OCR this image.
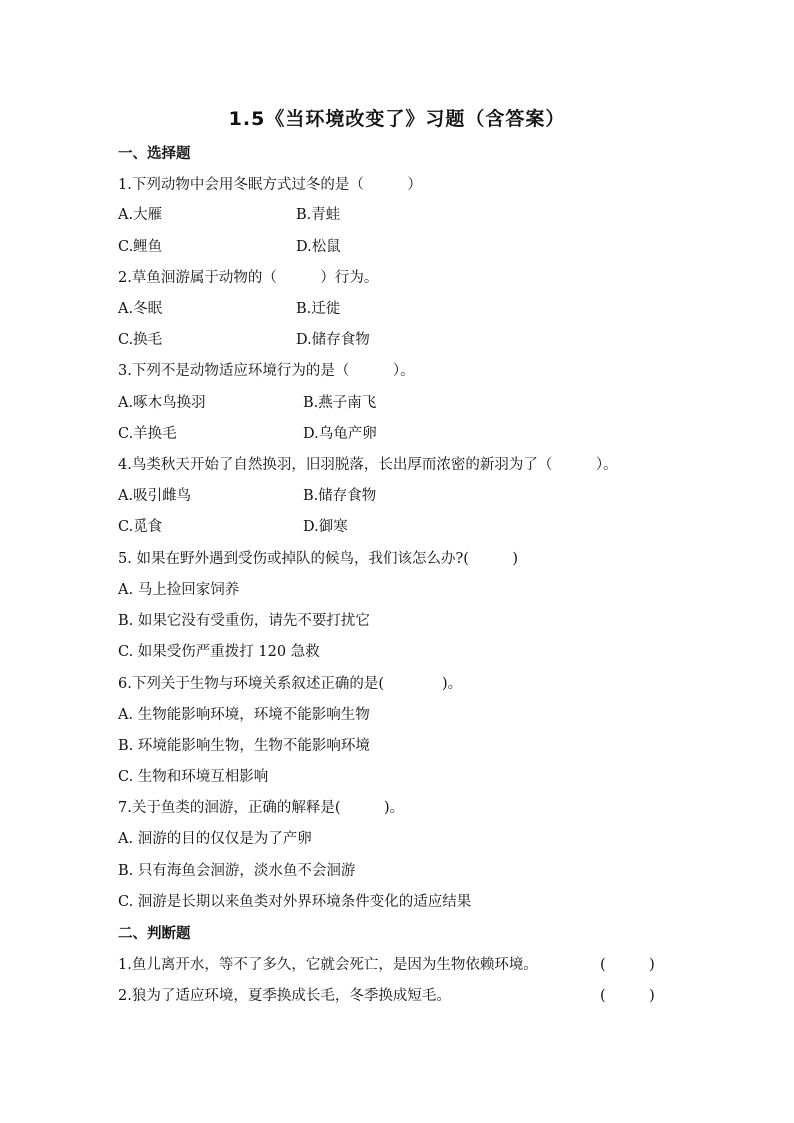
1.5《当环境改变了》习题（含答案）
一、选择题
1.下列动物中会用冬眠方式过冬的是（　　　）
A.大雁	B.青蛙
C.鲤鱼	D.松鼠
2.草鱼洄游属于动物的（　　　）行为。
A.冬眠	B.迁徙
C.换毛	D.储存食物
3.下列不是动物适应环境行为的是（　　　）。
A.啄木鸟换羽	B.燕子南飞
C.羊换毛	D.乌龟产卵
4.鸟类秋天开始了自然换羽，旧羽脱落，长出厚而浓密的新羽为了（　　　）。
A.吸引雌鸟	B.储存食物
C.觅食	D.御寒
5. 如果在野外遇到受伤或掉队的候鸟，我们该怎么办?(　　　)
A. 马上捡回家饲养
B. 如果它没有受重伤，请先不要打扰它
C. 如果受伤严重拨打 120 急救
6.下列关于生物与环境关系叙述正确的是(　　　　)。
A. 生物能影响环境，环境不能影响生物
B. 环境能影响生物，生物不能影响环境
C. 生物和环境互相影响
7.关于鱼类的洄游，正确的解释是(　　　)。
A. 洄游的目的仅仅是为了产卵
B. 只有海鱼会洄游，淡水鱼不会洄游
C. 洄游是长期以来鱼类对外界环境条件变化的适应结果
二、判断题
1.鱼儿离开水，等不了多久，它就会死亡，是因为生物依赖环境。	(　　　)
2.狼为了适应环境，夏季换成长毛，冬季换成短毛。	(　　　)
